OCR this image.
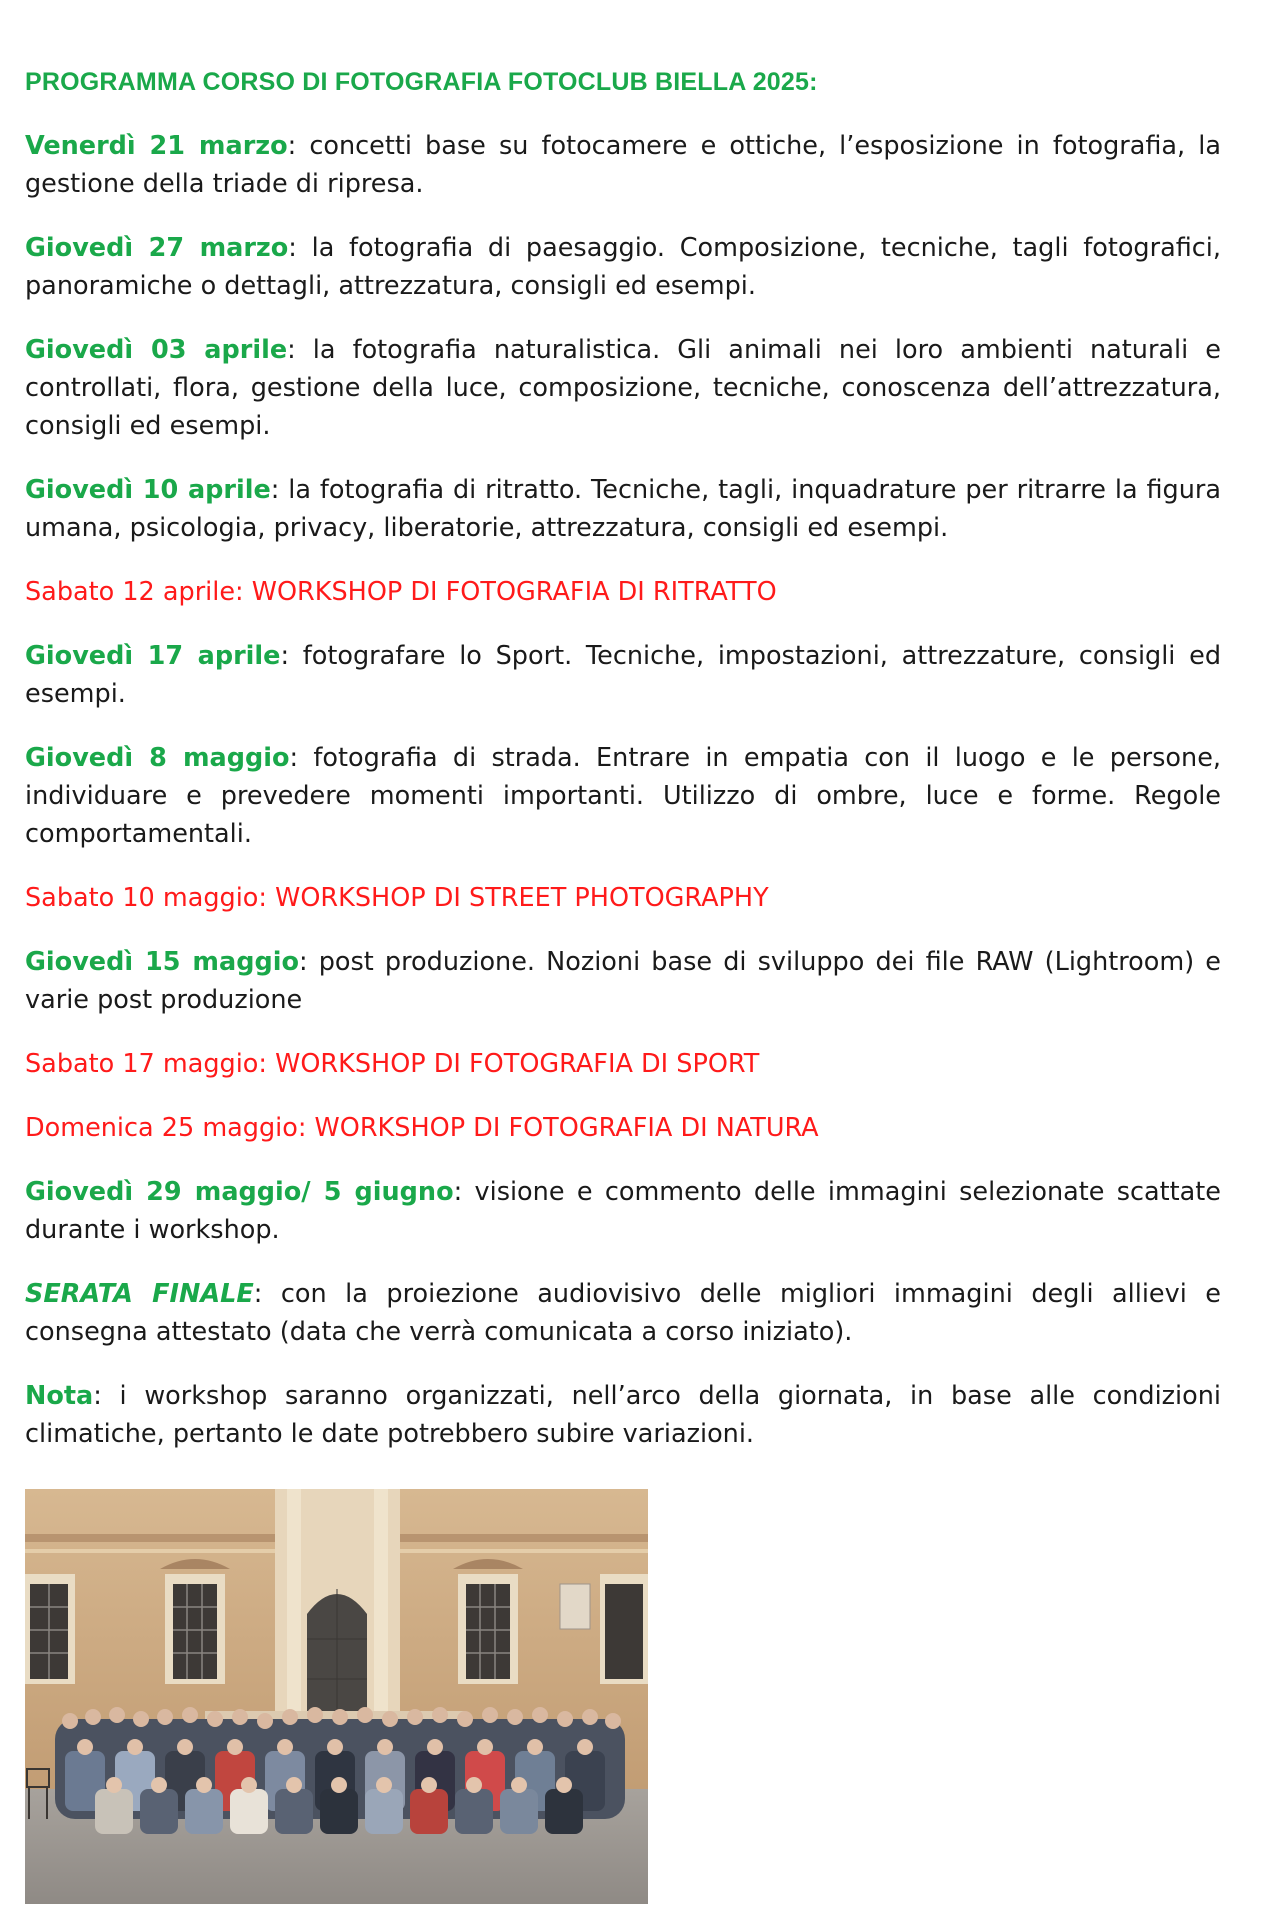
PROGRAMMA CORSO DI FOTOGRAFIA FOTOCLUB BIELLA 2025:

Venerdì 21 marzo: concetti base su fotocamere e ottiche, l’esposizione in fotografia, la gestione della triade di ripresa.

Giovedì 27 marzo: la fotografia di paesaggio. Composizione, tecniche, tagli fotografici, panoramiche o dettagli, attrezzatura, consigli ed esempi.

Giovedì 03 aprile: la fotografia naturalistica. Gli animali nei loro ambienti naturali e controllati, flora, gestione della luce, composizione, tecniche, conoscenza dell’attrezzatura, consigli ed esempi.

Giovedì 10 aprile: la fotografia di ritratto. Tecniche, tagli, inquadrature per ritrarre la figura umana, psicologia, privacy, liberatorie, attrezzatura, consigli ed esempi.

Sabato 12 aprile: WORKSHOP DI FOTOGRAFIA DI RITRATTO

Giovedì 17 aprile: fotografare lo Sport. Tecniche, impostazioni, attrezzature, consigli ed esempi.

Giovedì 8 maggio: fotografia di strada. Entrare in empatia con il luogo e le persone, individuare e prevedere momenti importanti. Utilizzo di ombre, luce e forme. Regole comportamentali.

Sabato 10 maggio: WORKSHOP DI STREET PHOTOGRAPHY

Giovedì 15 maggio: post produzione. Nozioni base di sviluppo dei file RAW (Lightroom) e varie post produzione

Sabato 17 maggio: WORKSHOP DI FOTOGRAFIA DI SPORT

Domenica 25 maggio: WORKSHOP DI FOTOGRAFIA DI NATURA

Giovedì 29 maggio/ 5 giugno: visione e commento delle immagini selezionate scattate durante i workshop.

SERATA FINALE: con la proiezione audiovisivo delle migliori immagini degli allievi e consegna attestato (data che verrà comunicata a corso iniziato).

Nota: i workshop saranno organizzati, nell’arco della giornata, in base alle condizioni climatiche, pertanto le date potrebbero subire variazioni.
